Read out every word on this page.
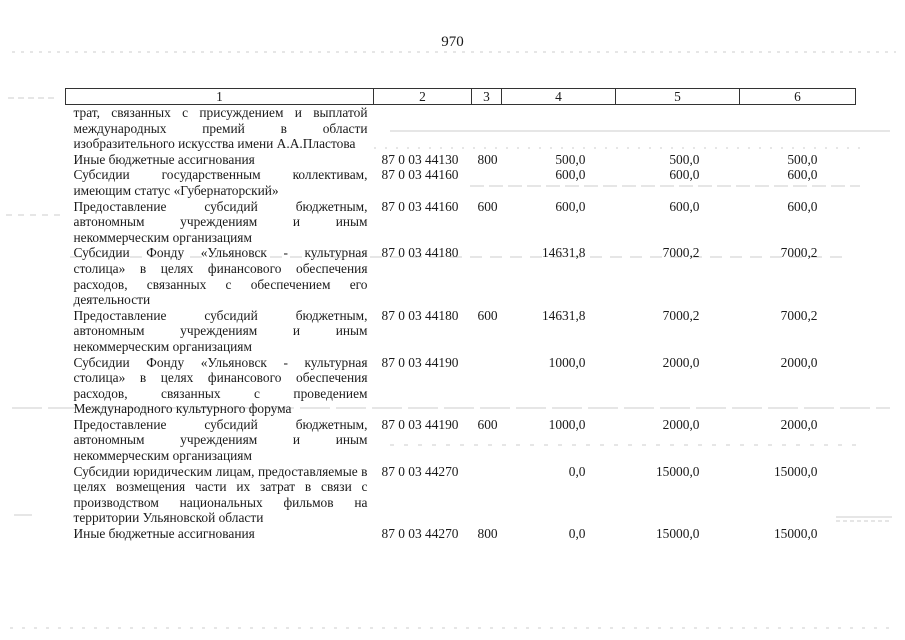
970
1	2	3	4	5	6
трат, связанных с присуждением и выплатой международных премий в области изобразительного искусства имени А.А.Пластова					
Иные бюджетные ассигнования	87 0 03 44130	800	500,0	500,0	500,0
Субсидии государственным коллективам, имеющим статус «Губернаторский»	87 0 03 44160		600,0	600,0	600,0
Предоставление субсидий бюджетным, автономным учреждениям и иным некоммерческим организациям	87 0 03 44160	600	600,0	600,0	600,0
Субсидии Фонду «Ульяновск - культурная столица» в целях финансового обеспечения расходов, связанных с обеспечением его деятельности	87 0 03 44180		14631,8	7000,2	7000,2
Предоставление субсидий бюджетным, автономным учреждениям и иным некоммерческим организациям	87 0 03 44180	600	14631,8	7000,2	7000,2
Субсидии Фонду «Ульяновск - культурная столица» в целях финансового обеспечения расходов, связанных с проведением Международного культурного форума	87 0 03 44190		1000,0	2000,0	2000,0
Предоставление субсидий бюджетным, автономным учреждениям и иным некоммерческим организациям	87 0 03 44190	600	1000,0	2000,0	2000,0
Субсидии юридическим лицам, предоставляемые в целях возмещения части их затрат в связи с производством национальных фильмов на территории Ульяновской области	87 0 03 44270		0,0	15000,0	15000,0
Иные бюджетные ассигнования	87 0 03 44270	800	0,0	15000,0	15000,0
